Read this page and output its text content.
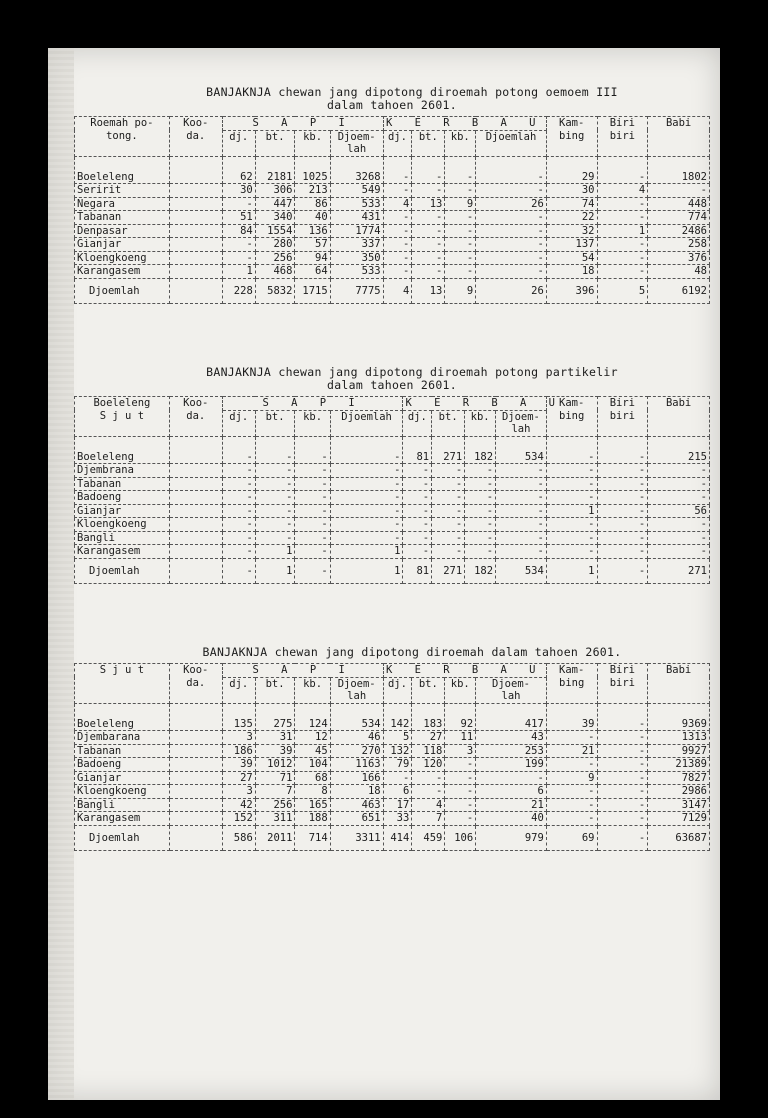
BANJAKNJA chewan jang dipotong diroemah potong oemoem III
dalam tahoen 2601.
Roemah po-
tong.	Koo-
da.	S A P I				K E R B A U				Kam-
bing	Biri
biri	Babi
		dj.	bt.	kb.	Djoem-
lah	dj.	bt.	kb.	Djoemlah			
Boeleleng		62	2181	1025	3268	-	-	-	-	29	-	1802
Seririt		30	306	213	549	-	-	-	-	30	4	-
Negara		-	447	86	533	4	13	9	26	74	-	448
Tabanan		51	340	40	431	-	-	-	-	22	-	774
Denpasar		84	1554	136	1774	-	-	-	-	32	1	2486
Gianjar		-	280	57	337	-	-	-	-	137	-	258
Kloengkoeng		-	256	94	350	-	-	-	-	54	-	376
Karangasem		1	468	64	533	-	-	-	-	18	-	48
Djoemlah		228	5832	1715	7775	4	13	9	26	396	5	6192
BANJAKNJA chewan jang dipotong diroemah potong partikelir
dalam tahoen 2601.
Boeleleng
S j u t	Koo-
da.	S A P I				K E R B A U				Kam-
bing	Biri
biri	Babi
		dj.	bt.	kb.	Djoemlah	dj.	bt.	kb.	Djoem-
lah			
Boeleleng		-	-	-	-	81	271	182	534	-	-	215
Djembrana		-	-	-	-	-	-	-	-	-	-	-
Tabanan		-	-	-	-	-	-	-	-	-	-	-
Badoeng		-	-	-	-	-	-	-	-	-	-	-
Gianjar		-	-	-	-	-	-	-	-	1	-	56
Kloengkoeng		-	-	-	-	-	-	-	-	-	-	-
Bangli		-	-	-	-	-	-	-	-	-	-	-
Karangasem		-	1	-	1	-	-	-	-	-	-	-
Djoemlah		-	1	-	1	81	271	182	534	1	-	271
BANJAKNJA chewan jang dipotong diroemah dalam tahoen 2601.
S j u t	Koo-
da.	S A P I				K E R B A U				Kam-
bing	Biri
biri	Babi
		dj.	bt.	kb.	Djoem-
lah	dj.	bt.	kb.	Djoem-
lah			
Boeleleng		135	275	124	534	142	183	92	417	39	-	9369
Djembarana		3	31	12	46	5	27	11	43	-	-	1313
Tabanan		186	39	45	270	132	118	3	253	21	-	9927
Badoeng		39	1012	104	1163	79	120	-	199	-	-	21389
Gianjar		27	71	68	166	-	-	-	-	9	-	7827
Kloengkoeng		3	7	8	18	6	-	-	6	-	-	2986
Bangli		42	256	165	463	17	4	-	21	-	-	3147
Karangasem		152	311	188	651	33	7	-	40	-	-	7129
Djoemlah		586	2011	714	3311	414	459	106	979	69	-	63687
